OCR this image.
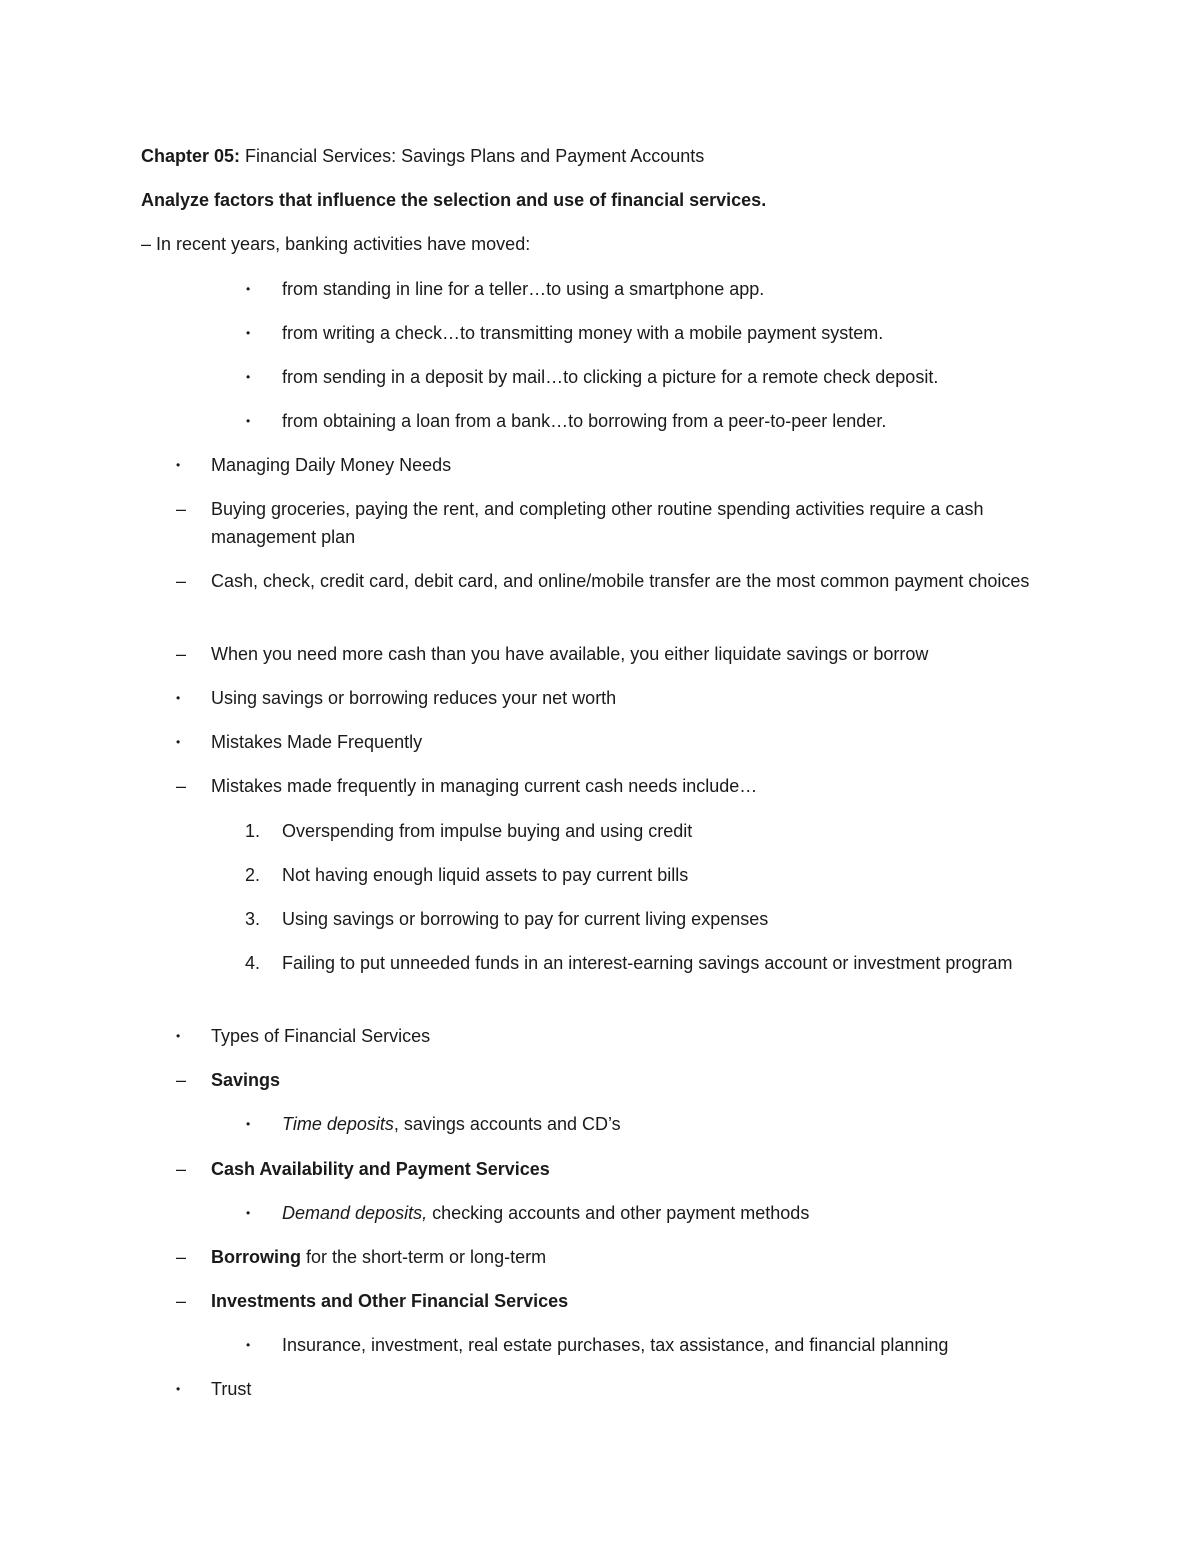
Chapter 05: Financial Services: Savings Plans and Payment Accounts
Analyze factors that influence the selection and use of financial services.
– In recent years, banking activities have moved:
• from standing in line for a teller…to using a smartphone app.
• from writing a check…to transmitting money with a mobile payment system.
• from sending in a deposit by mail…to clicking a picture for a remote check deposit.
• from obtaining a loan from a bank…to borrowing from a peer-to-peer lender.
• Managing Daily Money Needs
– Buying groceries, paying the rent, and completing other routine spending activities require a cash management plan
– Cash, check, credit card, debit card, and online/mobile transfer are the most common payment choices
– When you need more cash than you have available, you either liquidate savings or borrow
• Using savings or borrowing reduces your net worth
• Mistakes Made Frequently
– Mistakes made frequently in managing current cash needs include…
1. Overspending from impulse buying and using credit
2. Not having enough liquid assets to pay current bills
3. Using savings or borrowing to pay for current living expenses
4. Failing to put unneeded funds in an interest-earning savings account or investment program
• Types of Financial Services
– Savings
• Time deposits, savings accounts and CD’s
– Cash Availability and Payment Services
• Demand deposits, checking accounts and other payment methods
– Borrowing for the short-term or long-term
– Investments and Other Financial Services
• Insurance, investment, real estate purchases, tax assistance, and financial planning
• Trust
